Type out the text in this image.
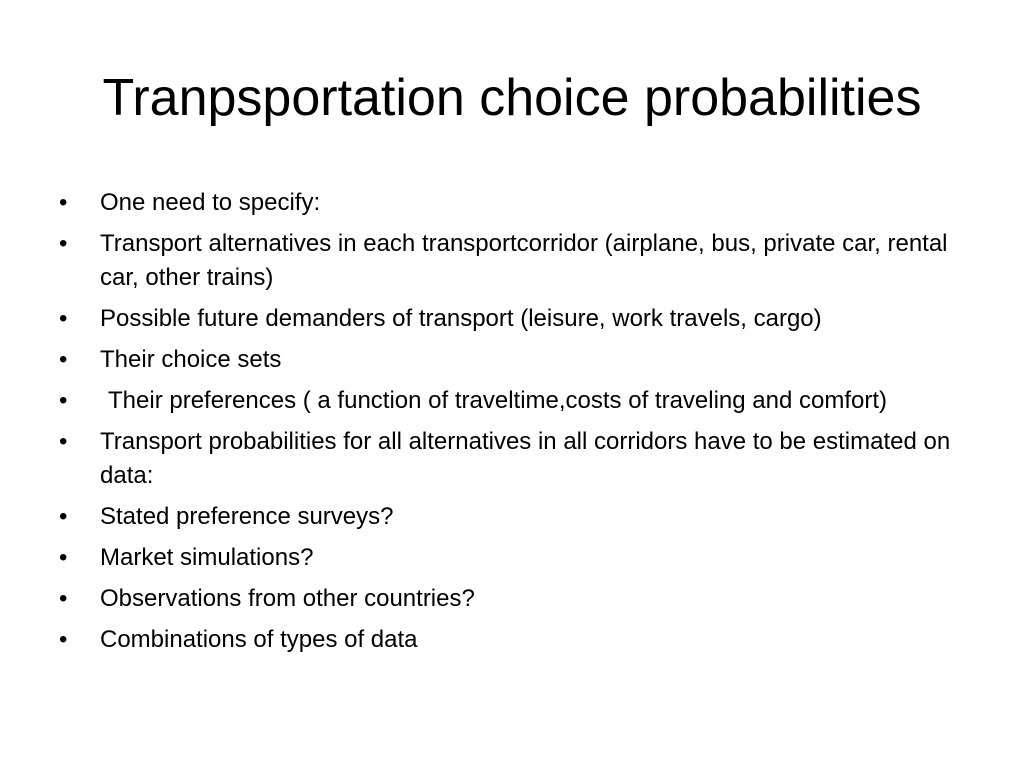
Tranpsportation choice probabilities
•	One need to specify:
•	Transport alternatives in each transportcorridor (airplane, bus, private car, rental car, other trains)
•	Possible future demanders of transport (leisure, work travels, cargo)
•	Their choice sets
•	Their preferences ( a function of traveltime,costs of traveling and comfort)
•	Transport probabilities for all alternatives in all corridors have to be estimated on data:
•	Stated preference surveys?
•	Market simulations?
•	Observations from other countries?
•	Combinations of types of data
